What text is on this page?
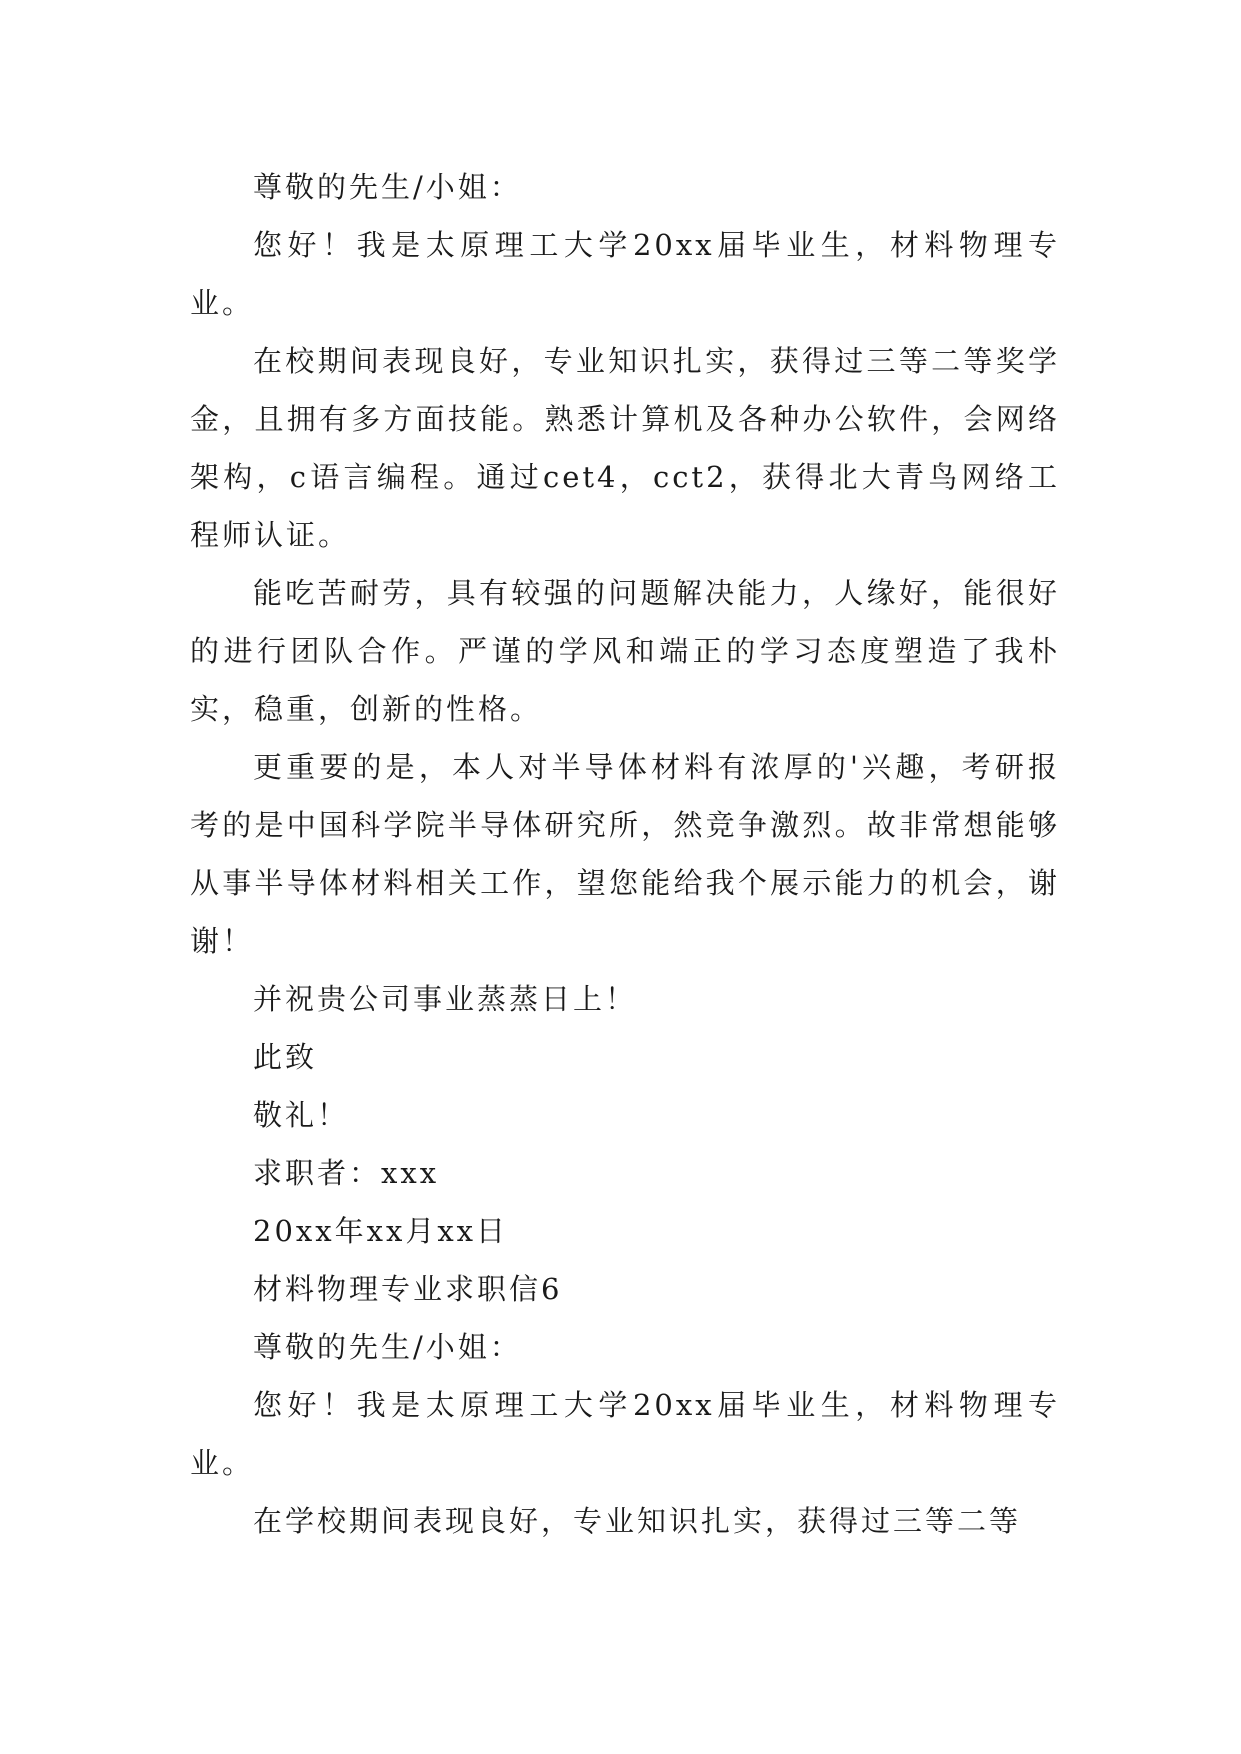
尊敬的先生/小姐：

您好！我是太原理工大学20xx届毕业生，材料物理专业。

在校期间表现良好，专业知识扎实，获得过三等二等奖学金，且拥有多方面技能。熟悉计算机及各种办公软件，会网络架构，c语言编程。通过cet4，cct2，获得北大青鸟网络工程师认证。

能吃苦耐劳，具有较强的问题解决能力，人缘好，能很好的进行团队合作。严谨的学风和端正的学习态度塑造了我朴实，稳重，创新的性格。

更重要的是，本人对半导体材料有浓厚的'兴趣，考研报考的是中国科学院半导体研究所，然竞争激烈。故非常想能够从事半导体材料相关工作，望您能给我个展示能力的机会，谢谢！

并祝贵公司事业蒸蒸日上！

此致

敬礼！

求职者：xxx

20xx年xx月xx日

材料物理专业求职信6

尊敬的先生/小姐：

您好！我是太原理工大学20xx届毕业生，材料物理专业。

在学校期间表现良好，专业知识扎实，获得过三等二等
